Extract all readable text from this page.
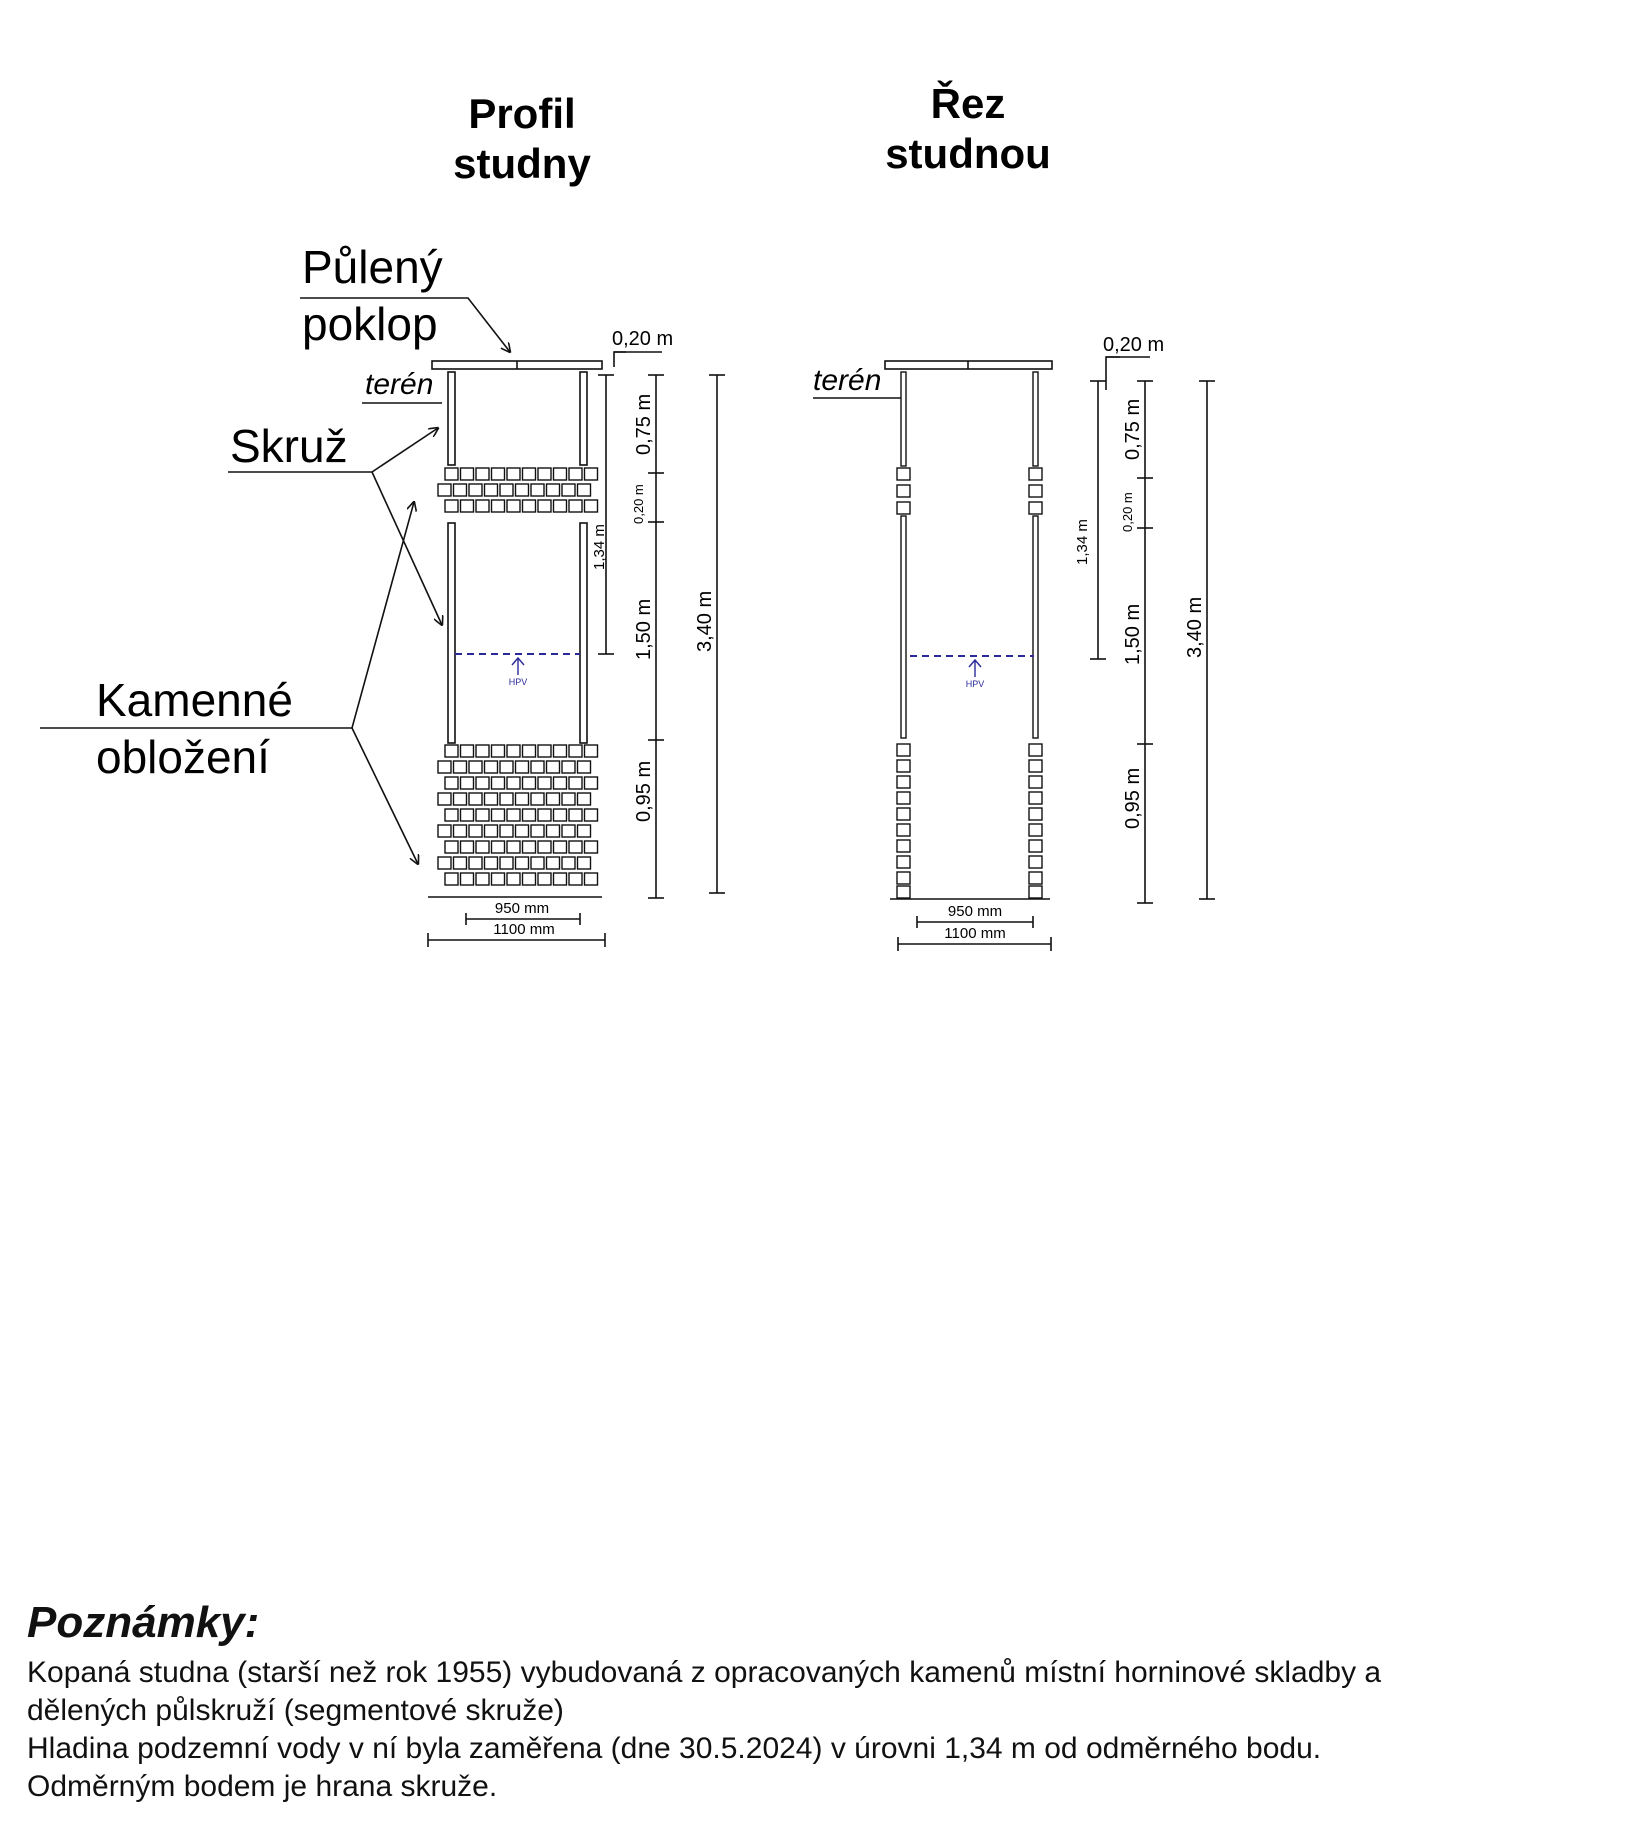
Profil
studny
Půlený
poklop
terén
Skruž
Kamenné
obložení
HPV
0,20 m
1,34 m
0,75 m
0,20 m
1,50 m
0,95 m
3,40 m
950 mm
1100 mm
Řez
studnou
terén
HPV
0,20 m
1,34 m
0,75 m
0,20 m
1,50 m
0,95 m
3,40 m
950 mm
1100 mm
Poznámky:

Kopaná studna (starší než rok 1955) vybudovaná z opracovaných kamenů místní horninové skladby a

dělených půlskruží (segmentové skruže)

Hladina podzemní vody v ní byla zaměřena (dne 30.5.2024) v úrovni 1,34 m od odměrného bodu.

Odměrným bodem je hrana skruže.
